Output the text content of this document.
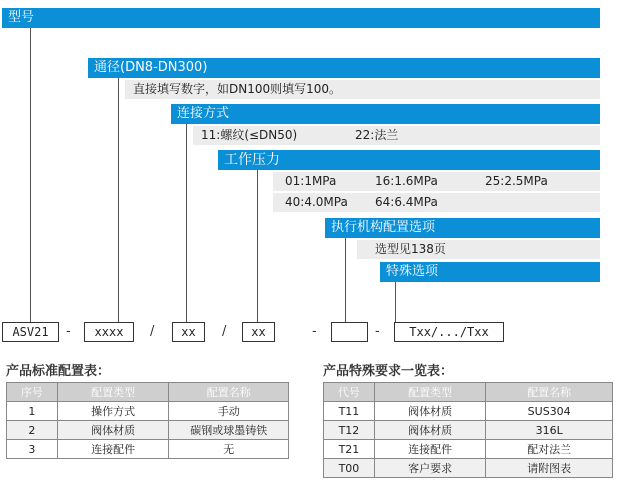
型号
通径(DN8-DN300)
直接填写数字，如DN100则填写100。
连接方式
11:螺纹(≤DN50)	22:法兰
工作压力
01:1MPa	16:1.6MPa	25:2.5MPa
40:4.0MPa 64:6.4MPa
执行机构配置选项
选型见138页
特殊选项
ASV21	-	xxxx	/	xx	/	xx	-	-	Txx/.../Txx
产品标准配置表：
序号	配置类型	配置名称
1	操作方式	手动
2	阀体材质	碳钢或球墨铸铁
3	连接配件	无
产品特殊要求一览表：
代号	配置类型	配置名称
T11	阀体材质	SUS304
T12	阀体材质	316L
T21	连接配件	配对法兰
T00	客户要求	请附图表
